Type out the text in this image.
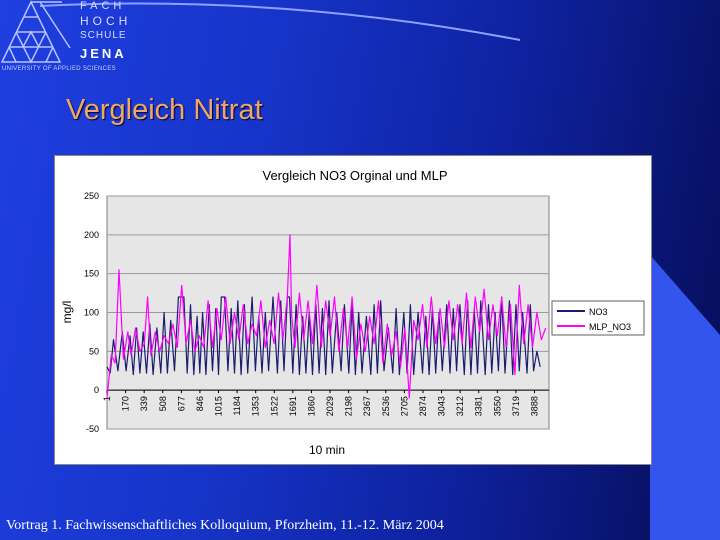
FACH
HOCH
SCHULE
JENA
UNIVERSITY OF APPLIED SCIENCES
Vergleich Nitrat
Vergleich NO3 Orginal und MLP
250
200
150
100
50
0
-50
1 170 339 508 677 846 1015 1184 1353 1522 1691 1860 2029 2198 2367 2536 2705 2874 3043 3212 3381 3550 3719 3888
mg/l
10 min
NO3
MLP_NO3
Vortrag 1. Fachwissenschaftliches Kolloquium, Pforzheim, 11.-12. März 2004
